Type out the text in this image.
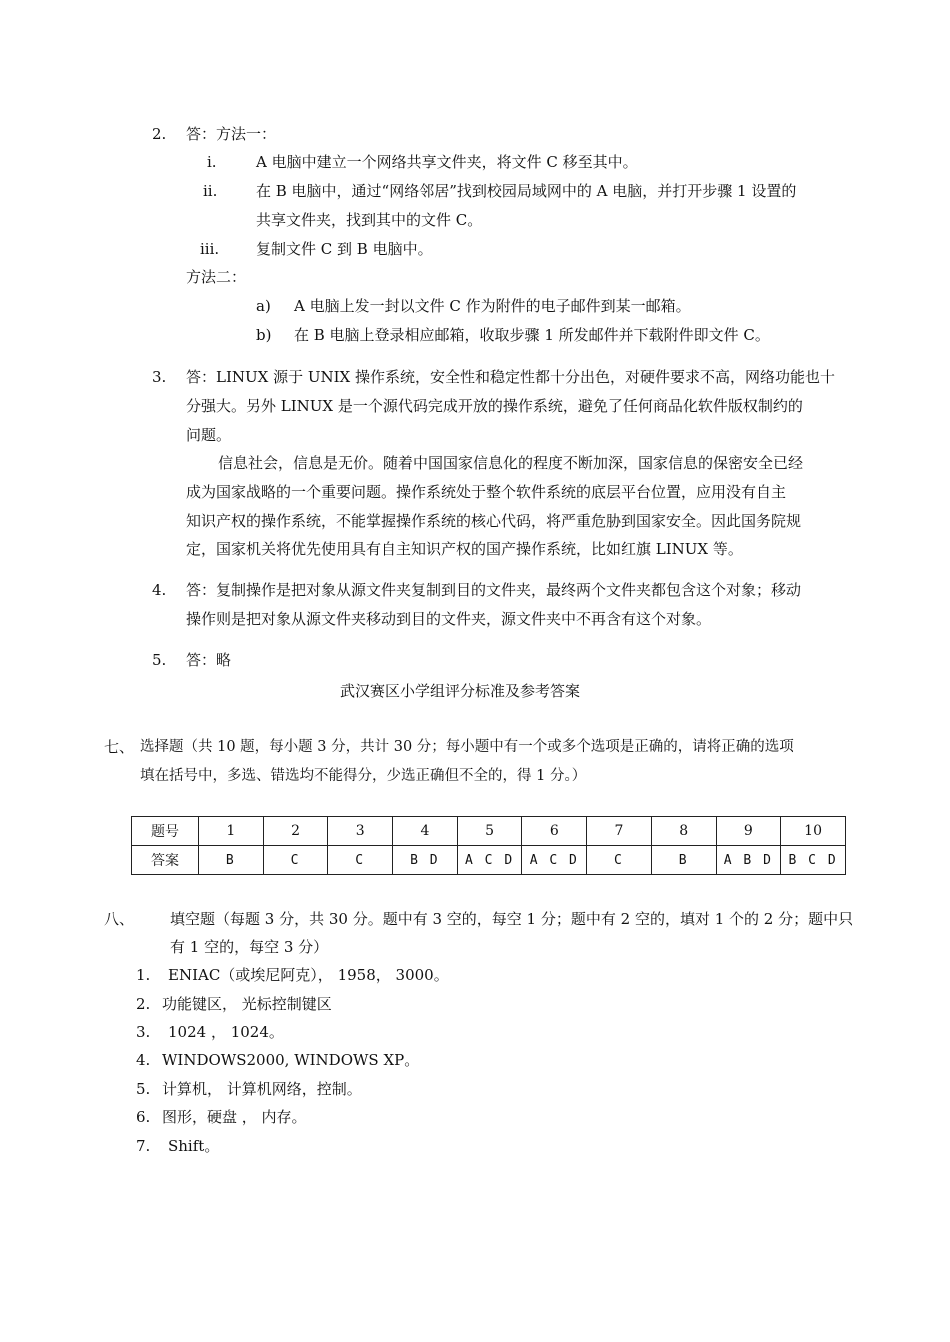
2. 答：方法一：
i.	A 电脑中建立一个网络共享文件夹，将文件 C 移至其中。
ii.	在 B 电脑中，通过“网络邻居”找到校园局域网中的 A 电脑，并打开步骤 1 设置的
共享文件夹，找到其中的文件 C。
iii. 复制文件 C 到 B 电脑中。
方法二：
a) A 电脑上发一封以文件 C 作为附件的电子邮件到某一邮箱。
b) 在 B 电脑上登录相应邮箱，收取步骤 1 所发邮件并下载附件即文件 C。
3. 答：LINUX 源于 UNIX 操作系统，安全性和稳定性都十分出色，对硬件要求不高，网络功能也十
分强大。另外 LINUX 是一个源代码完成开放的操作系统，避免了任何商品化软件版权制约的
问题。
信息社会，信息是无价。随着中国国家信息化的程度不断加深，国家信息的保密安全已经
成为国家战略的一个重要问题。操作系统处于整个软件系统的底层平台位置，应用没有自主
知识产权的操作系统，不能掌握操作系统的核心代码，将严重危胁到国家安全。因此国务院规
定，国家机关将优先使用具有自主知识产权的国产操作系统，比如红旗 LINUX 等。
4. 答：复制操作是把对象从源文件夹复制到目的文件夹，最终两个文件夹都包含这个对象；移动
操作则是把对象从源文件夹移动到目的文件夹，源文件夹中不再含有这个对象。
5. 答：略
武汉赛区小学组评分标准及参考答案
七、 选择题（共 10 题，每小题 3 分，共计 30 分；每小题中有一个或多个选项是正确的，请将正确的选项
填在括号中，多选、错选均不能得分，少选正确但不全的，得 1 分。）
题号	1	2	3	4	5	6	7	8	9	10
答案	B	C	C	B D	A C D	A C D	C	B	A B D	B C D
八、 填空题（每题 3 分，共 30 分。题中有 3 空的，每空 1 分；题中有 2 空的，填对 1 个的 2 分；题中只
有 1 空的，每空 3 分）
1. ENIAC（或埃尼阿克）， 1958， 3000。
2. 功能键区， 光标控制键区
3. 1024 ， 1024。
4. WINDOWS2000, WINDOWS XP。
5. 计算机， 计算机网络，控制。
6. 图形，硬盘 ， 内存。
7. Shift。
